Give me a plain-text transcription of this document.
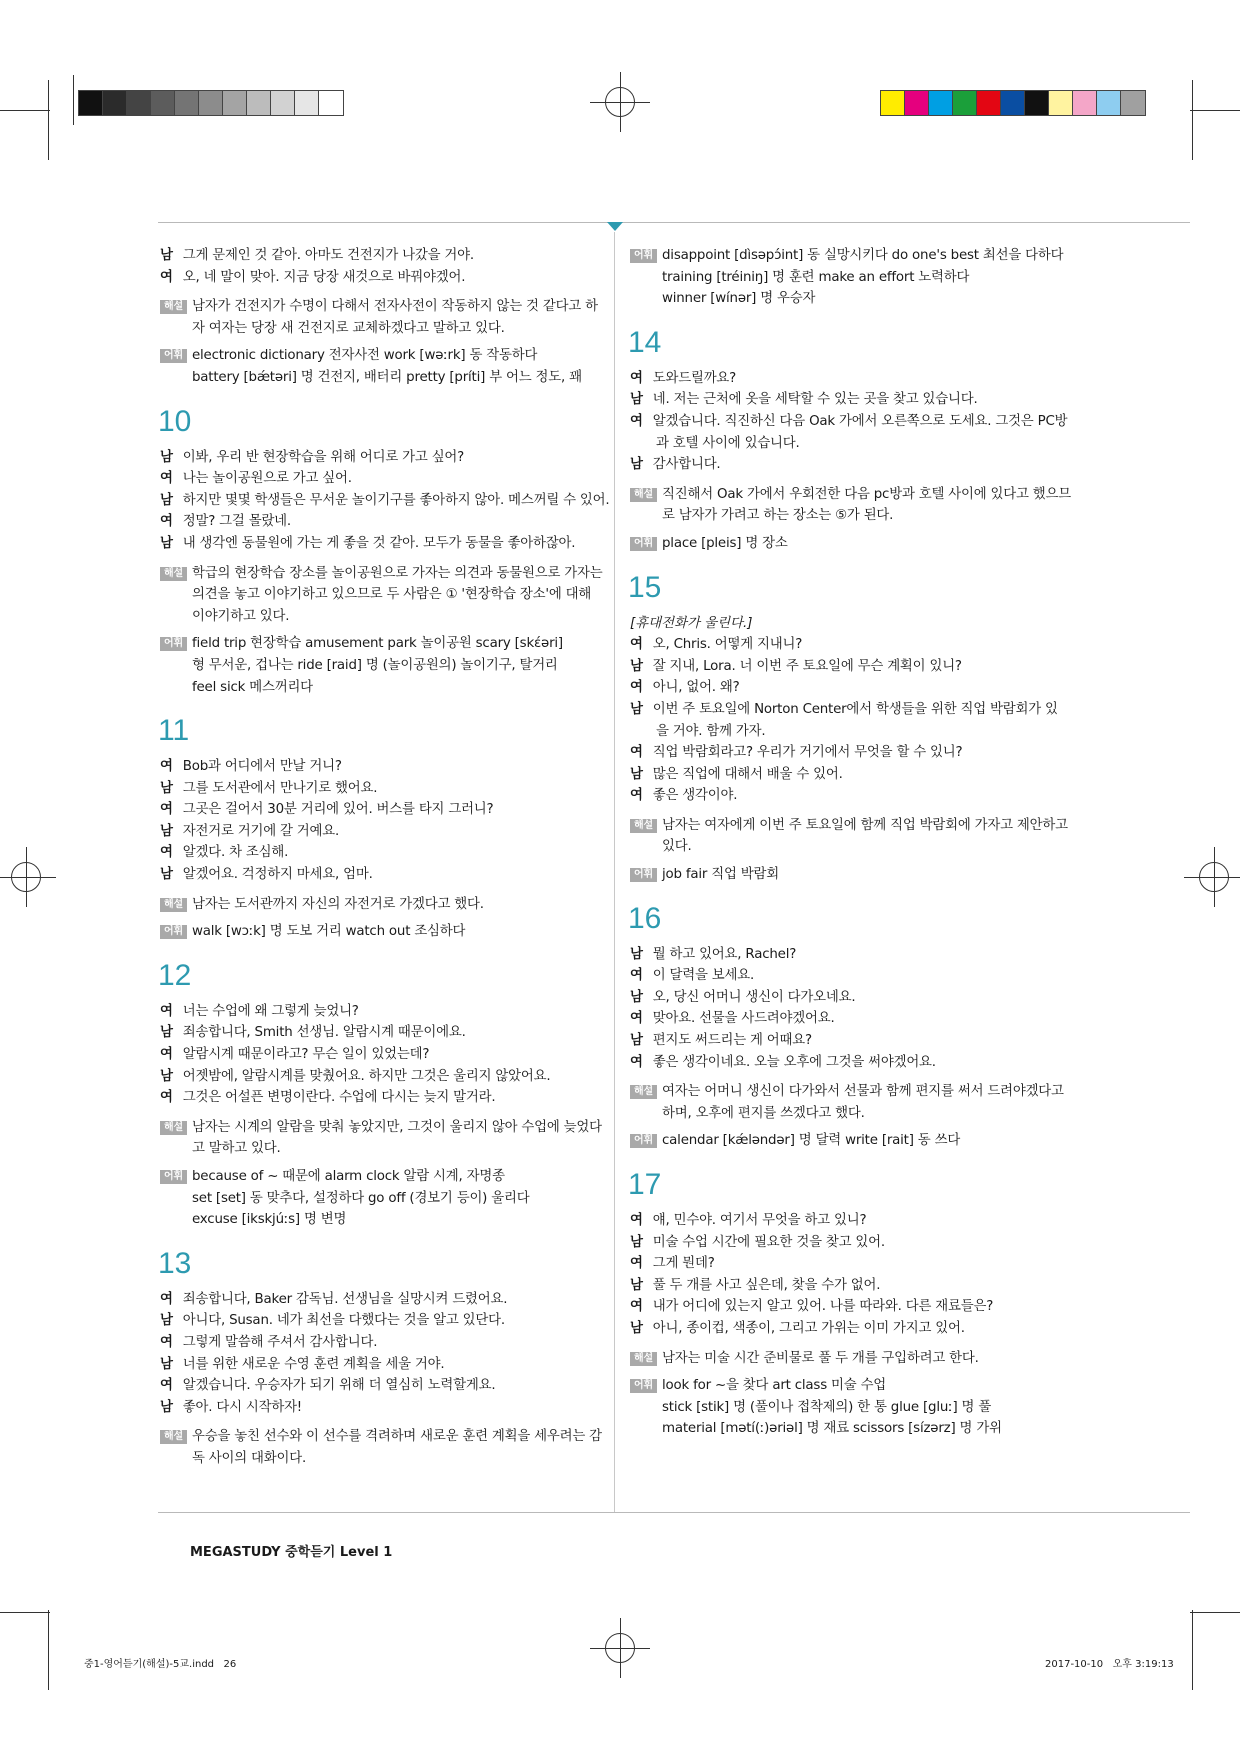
MEGASTUDY 중학듣기 Level 1
중1-영어듣기(해설)-5교.indd   26	2017-10-10   오후 3:19:13
남 그게 문제인 것 같아. 아마도 건전지가 나갔을 거야.
여 오, 네 말이 맞아. 지금 당장 새것으로 바꿔야겠어.
해설 남자가 건전지가 수명이 다해서 전자사전이 작동하지 않는 것 같다고 하자 여자는 당장 새 건전지로 교체하겠다고 말하고 있다.
어휘 electronic dictionary 전자사전 work [wəːrk] 동 작동하다
battery [bǽtəri] 명 건전지, 배터리 pretty [príti] 부 어느 정도, 꽤
10
남 이봐, 우리 반 현장학습을 위해 어디로 가고 싶어?
여 나는 놀이공원으로 가고 싶어.
남 하지만 몇몇 학생들은 무서운 놀이기구를 좋아하지 않아. 메스꺼릴 수 있어.
여 정말? 그걸 몰랐네.
남 내 생각엔 동물원에 가는 게 좋을 것 같아. 모두가 동물을 좋아하잖아.
해설 학급의 현장학습 장소를 놀이공원으로 가자는 의견과 동물원으로 가자는 의견을 놓고 이야기하고 있으므로 두 사람은 ① '현장학습 장소'에 대해 이야기하고 있다.
어휘 field trip 현장학습 amusement park 놀이공원 scary [skɛ́əri]
형 무서운, 겁나는 ride [raid] 명 (놀이공원의) 놀이기구, 탈거리
feel sick 메스꺼리다
11
여 Bob과 어디에서 만날 거니?
남 그를 도서관에서 만나기로 했어요.
여 그곳은 걸어서 30분 거리에 있어. 버스를 타지 그러니?
남 자전거로 거기에 갈 거예요.
여 알겠다. 차 조심해.
남 알겠어요. 걱정하지 마세요, 엄마.
해설 남자는 도서관까지 자신의 자전거로 가겠다고 했다.
어휘 walk [wɔːk] 명 도보 거리 watch out 조심하다
12
여 너는 수업에 왜 그렇게 늦었니?
남 죄송합니다, Smith 선생님. 알람시계 때문이에요.
여 알람시계 때문이라고? 무슨 일이 있었는데?
남 어젯밤에, 알람시계를 맞췄어요. 하지만 그것은 울리지 않았어요.
여 그것은 어설픈 변명이란다. 수업에 다시는 늦지 말거라.
해설 남자는 시계의 알람을 맞춰 놓았지만, 그것이 울리지 않아 수업에 늦었다고 말하고 있다.
어휘 because of ~ 때문에 alarm clock 알람 시계, 자명종
set [set] 동 맞추다, 설정하다 go off (경보기 등이) 울리다
excuse [ikskjúːs] 명 변명
13
여 죄송합니다, Baker 감독님. 선생님을 실망시켜 드렸어요.
남 아니다, Susan. 네가 최선을 다했다는 것을 알고 있단다.
여 그렇게 말씀해 주셔서 감사합니다.
남 너를 위한 새로운 수영 훈련 계획을 세울 거야.
여 알겠습니다. 우승자가 되기 위해 더 열심히 노력할게요.
남 좋아. 다시 시작하자!
해설 우승을 놓친 선수와 이 선수를 격려하며 새로운 훈련 계획을 세우려는 감독 사이의 대화이다.
어휘 disappoint [dìsəpɔ́int] 동 실망시키다 do one's best 최선을 다하다
training [tréiniŋ] 명 훈련 make an effort 노력하다
winner [wínər] 명 우승자
14
여 도와드릴까요?
남 네. 저는 근처에 옷을 세탁할 수 있는 곳을 찾고 있습니다.
여 알겠습니다. 직진하신 다음 Oak 가에서 오른쪽으로 도세요. 그것은 PC방
과 호텔 사이에 있습니다.
남 감사합니다.
해설 직진해서 Oak 가에서 우회전한 다음 pc방과 호텔 사이에 있다고 했으므로 남자가 가려고 하는 장소는 ⑤가 된다.
어휘 place [pleis] 명 장소
15
[휴대전화가 울린다.]
여 오, Chris. 어떻게 지내니?
남 잘 지내, Lora. 너 이번 주 토요일에 무슨 계획이 있니?
여 아니, 없어. 왜?
남 이번 주 토요일에 Norton Center에서 학생들을 위한 직업 박람회가 있
을 거야. 함께 가자.
여 직업 박람회라고? 우리가 거기에서 무엇을 할 수 있니?
남 많은 직업에 대해서 배울 수 있어.
여 좋은 생각이야.
해설 남자는 여자에게 이번 주 토요일에 함께 직업 박람회에 가자고 제안하고 있다.
어휘 job fair 직업 박람회
16
남 뭘 하고 있어요, Rachel?
여 이 달력을 보세요.
남 오, 당신 어머니 생신이 다가오네요.
여 맞아요. 선물을 사드려야겠어요.
남 편지도 써드리는 게 어때요?
여 좋은 생각이네요. 오늘 오후에 그것을 써야겠어요.
해설 여자는 어머니 생신이 다가와서 선물과 함께 편지를 써서 드려야겠다고 하며, 오후에 편지를 쓰겠다고 했다.
어휘 calendar [kǽləndər] 명 달력 write [rait] 동 쓰다
17
여 얘, 민수야. 여기서 무엇을 하고 있니?
남 미술 수업 시간에 필요한 것을 찾고 있어.
여 그게 뭔데?
남 풀 두 개를 사고 싶은데, 찾을 수가 없어.
여 내가 어디에 있는지 알고 있어. 나를 따라와. 다른 재료들은?
남 아니, 종이컵, 색종이, 그리고 가위는 이미 가지고 있어.
해설 남자는 미술 시간 준비물로 풀 두 개를 구입하려고 한다.
어휘 look for ~을 찾다 art class 미술 수업
stick [stik] 명 (풀이나 접착제의) 한 통 glue [gluː] 명 풀
material [mətí(ː)əriəl] 명 재료 scissors [sízərz] 명 가위
